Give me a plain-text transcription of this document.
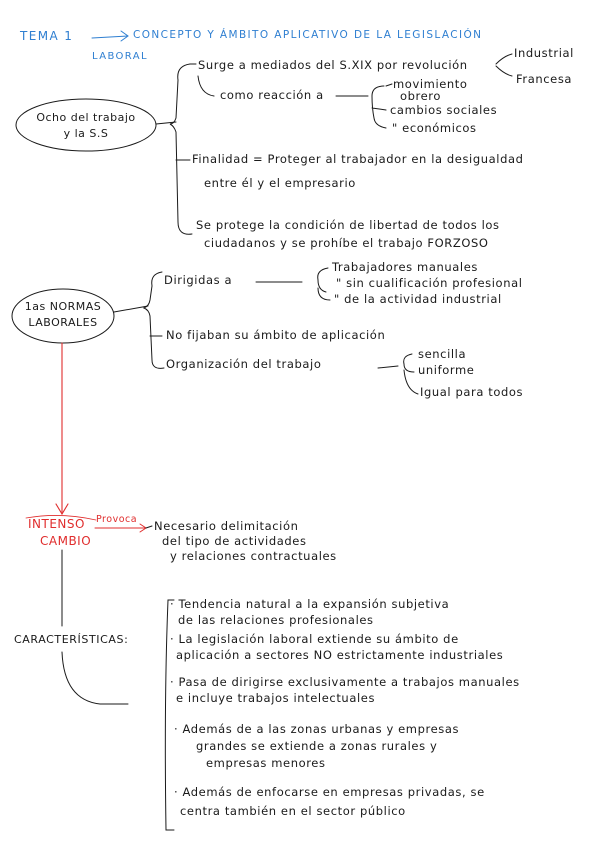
TEMA 1	CONCEPTO Y ÁMBITO APLICATIVO DE LA LEGISLACIÓN
LABORAL
Ocho del trabajo
y la S.S
Surge a mediados del S.XIX por revolución
Industrial
Francesa
como reacción a
movimiento
obrero
cambios sociales
" económicos
Finalidad = Proteger al trabajador en la desigualdad
entre él y el empresario
Se protege la condición de libertad de todos los
ciudadanos y se prohíbe el trabajo FORZOSO
1as NORMAS
LABORALES
Dirigidas a
Trabajadores manuales
" sin cualificación profesional
" de la actividad industrial
No fijaban su ámbito de aplicación
Organización del trabajo
sencilla
uniforme
Igual para todos
INTENSO
CAMBIO
Provoca Necesario delimitación
del tipo de actividades
y relaciones contractuales
CARACTERÍSTICAS:
· Tendencia natural a la expansión subjetiva
de las relaciones profesionales
· La legislación laboral extiende su ámbito de
aplicación a sectores NO estrictamente industriales
· Pasa de dirigirse exclusivamente a trabajos manuales
e incluye trabajos intelectuales
· Además de a las zonas urbanas y empresas
grandes se extiende a zonas rurales y
empresas menores
· Además de enfocarse en empresas privadas, se
centra también en el sector público
